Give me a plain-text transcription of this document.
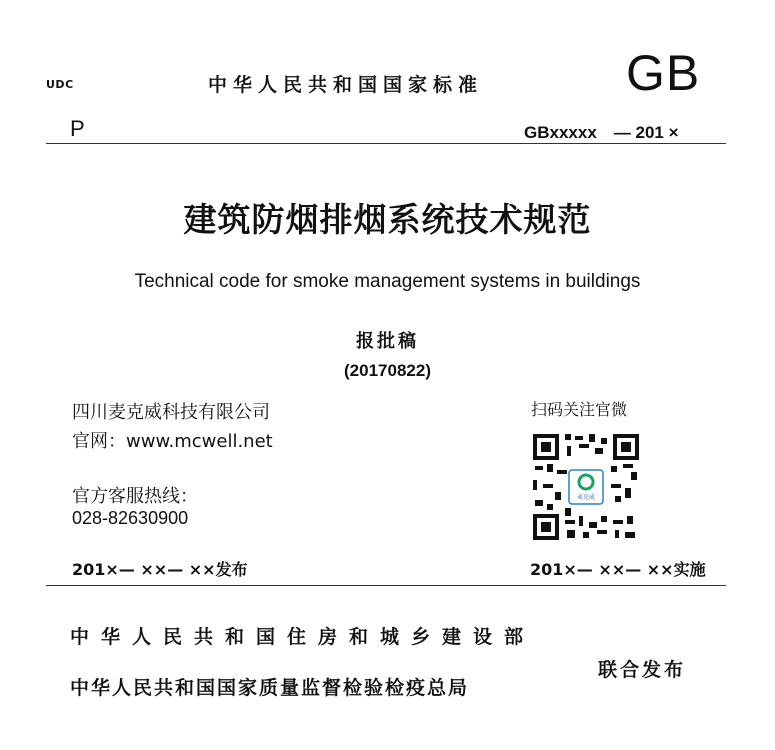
UDC	中华人民共和国国家标准	GB
P	GBxxxxx　— 201 ×
建筑防烟排烟系统技术规范
Technical code for smoke management systems in buildings
报批稿
(20170822)
四川麦克威科技有限公司
官网：www.mcwell.net
官方客服热线：
028-82630900
扫码关注官微
麦克威
201×— ××— ××发布	201×— ××— ××实施
中华人民共和国住房和城乡建设部
中华人民共和国国家质量监督检验检疫总局
联合发布
